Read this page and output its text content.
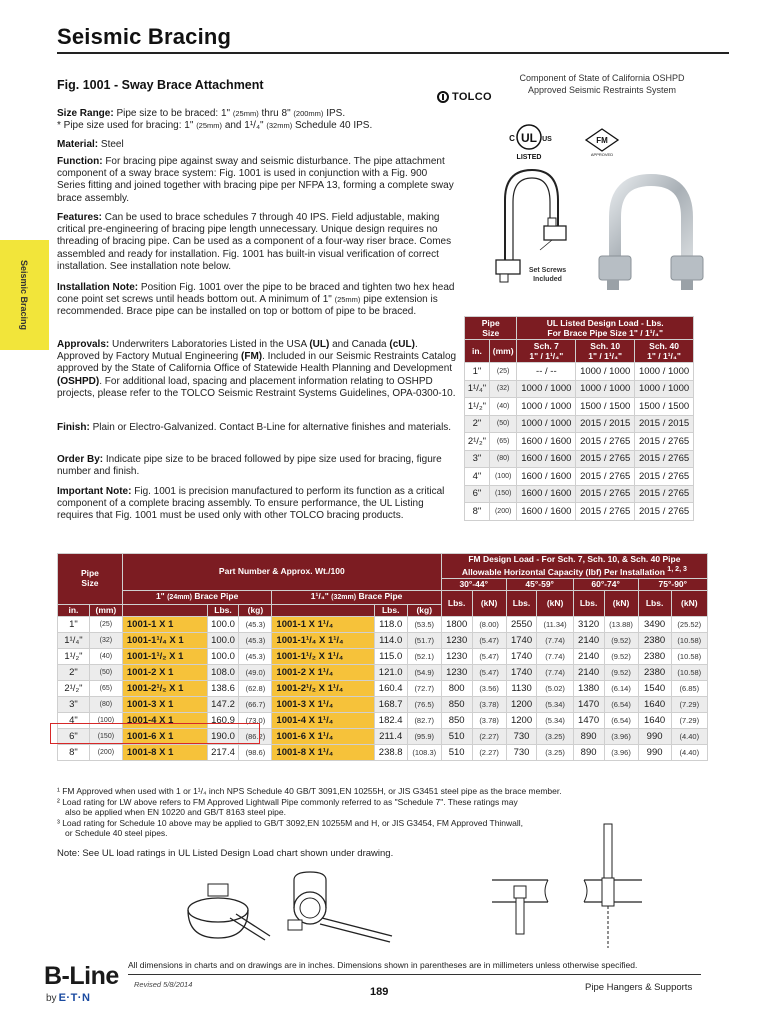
Seismic Bracing
Seismic Bracing
Fig. 1001 - Sway Brace Attachment
Size Range: Pipe size to be braced: 1" (25mm) thru 8" (200mm) IPS.
* Pipe size used for bracing: 1" (25mm) and 1¹/₄" (32mm) Schedule 40 IPS.
Material: Steel
Function: For bracing pipe against sway and seismic disturbance. The pipe attachment component of a sway brace system: Fig. 1001 is used in conjunction with a Fig. 900 Series fitting and joined together with bracing pipe per NFPA 13, forming a complete sway brace assembly.
Features: Can be used to brace schedules 7 through 40 IPS. Field adjustable, making critical pre-engineering of bracing pipe length unnecessary. Unique design requires no threading of bracing pipe. Can be used as a component of a four-way riser brace. Comes assembled and ready for installation. Fig. 1001 has built-in visual verification of correct installation. See installation note below.
Installation Note: Position Fig. 1001 over the pipe to be braced and tighten two hex head cone point set screws until heads bottom out. A minimum of 1" (25mm) pipe extension is recommended. Brace pipe can be installed on top or bottom of pipe to be braced.
Approvals: Underwriters Laboratories Listed in the USA (UL) and Canada (cUL). Approved by Factory Mutual Engineering (FM). Included in our Seismic Restraints Catalog approved by the State of California Office of Statewide Health Planning and Development (OSHPD). For additional load, spacing and placement information relating to OSHPD projects, please refer to the TOLCO Seismic Restraint Systems Guidelines, OPA-0300-10.
Finish: Plain or Electro-Galvanized. Contact B-Line for alternative finishes and materials.
Order By: Indicate pipe size to be braced followed by pipe size used for bracing, figure number and finish.
Important Note: Fig. 1001 is precision manufactured to perform its function as a critical component of a complete bracing assembly. To ensure performance, the UL Listing requires that Fig. 1001 must be used only with other TOLCO bracing products.
TOLCO
Component of State of California OSHPD Approved Seismic Restraints System
UL
C	US
LISTED
FM
APPROVED
Set Screws Included
Pipe
Size		UL Listed Design Load - Lbs.
For Brace Pipe Size 1" / 1¹/₄"		
in.	(mm)	Sch. 7
1" / 1¹/₄"	Sch. 10
1" / 1¹/₄"	Sch. 40
1" / 1¹/₄"
1"	(25)	-- / --	1000 / 1000	1000 / 1000
1¹/₄"	(32)	1000 / 1000	1000 / 1000	1000 / 1000
1¹/₂"	(40)	1000 / 1000	1500 / 1500	1500 / 1500
2"	(50)	1000 / 1000	2015 / 2015	2015 / 2015
2¹/₂"	(65)	1600 / 1600	2015 / 2765	2015 / 2765
3"	(80)	1600 / 1600	2015 / 2765	2015 / 2765
4"	(100)	1600 / 1600	2015 / 2765	2015 / 2765
6"	(150)	1600 / 1600	2015 / 2765	2015 / 2765
8"	(200)	1600 / 1600	2015 / 2765	2015 / 2765
Pipe
Size		Part Number & Approx. Wt./100						FM Design Load - For Sch. 7, Sch. 10, & Sch. 40 Pipe
Allowable Horizontal Capacity (lbf) Per Installation $^{1, 2, 3}$
								30°-44°		45°-59°		60°-74°		75°-90°	
		1" (24mm) Brace Pipe			1¹/₄" (32mm) Brace Pipe			Lbs.	(kN)	Lbs.	(kN)	Lbs.	(kN)	Lbs.	(kN)
in.	(mm)		Lbs.	(kg)		Lbs.	(kg)								
1"	(25)	1001-1 X 1	100.0	(45.3)	1001-1 X 1¹/₄	118.0	(53.5)	1800	(8.00)	2550	(11.34)	3120	(13.88)	3490	(25.52)
1¹/₄"	(32)	1001-1¹/₄ X 1	100.0	(45.3)	1001-1¹/₄ X 1¹/₄	114.0	(51.7)	1230	(5.47)	1740	(7.74)	2140	(9.52)	2380	(10.58)
1¹/₂"	(40)	1001-1¹/₂ X 1	100.0	(45.3)	1001-1¹/₂ X 1¹/₄	115.0	(52.1)	1230	(5.47)	1740	(7.74)	2140	(9.52)	2380	(10.58)
2"	(50)	1001-2 X 1	108.0	(49.0)	1001-2 X 1¹/₄	121.0	(54.9)	1230	(5.47)	1740	(7.74)	2140	(9.52)	2380	(10.58)
2¹/₂"	(65)	1001-2¹/₂ X 1	138.6	(62.8)	1001-2¹/₂ X 1¹/₄	160.4	(72.7)	800	(3.56)	1130	(5.02)	1380	(6.14)	1540	(6.85)
3"	(80)	1001-3 X 1	147.2	(66.7)	1001-3 X 1¹/₄	168.7	(76.5)	850	(3.78)	1200	(5.34)	1470	(6.54)	1640	(7.29)
4"	(100)	1001-4 X 1	160.9	(73.0)	1001-4 X 1¹/₄	182.4	(82.7)	850	(3.78)	1200	(5.34)	1470	(6.54)	1640	(7.29)
6"	(150)	1001-6 X 1	190.0	(86.2)	1001-6 X 1¹/₄	211.4	(95.9)	510	(2.27)	730	(3.25)	890	(3.96)	990	(4.40)
8"	(200)	1001-8 X 1	217.4	(98.6)	1001-8 X 1¹/₄	238.8	(108.3)	510	(2.27)	730	(3.25)	890	(3.96)	990	(4.40)
¹ FM Approved when used with 1 or 1¹/₄ inch NPS Schedule 40 GB/T 3091,EN 10255H, or JIS G3451 steel pipe as the brace member.
² Load rating for LW above refers to FM Approved Lightwall Pipe commonly referred to as "Schedule 7". These ratings may
also be applied when EN 10220 and GB/T 8163 steel pipe.
³ Load rating for Schedule 10 above may be applied to GB/T 3092,EN 10255M and H, or JIS G3454, FM Approved Thinwall,
or Schedule 40 steel pipes.
Note: See UL load ratings in UL Listed Design Load chart shown under drawing.
All dimensions in charts and on drawings are in inches. Dimensions shown in parentheses are in millimeters unless otherwise specified.
B-Line
by E·T·N
Revised 5/8/2014
189	Pipe Hangers & Supports
